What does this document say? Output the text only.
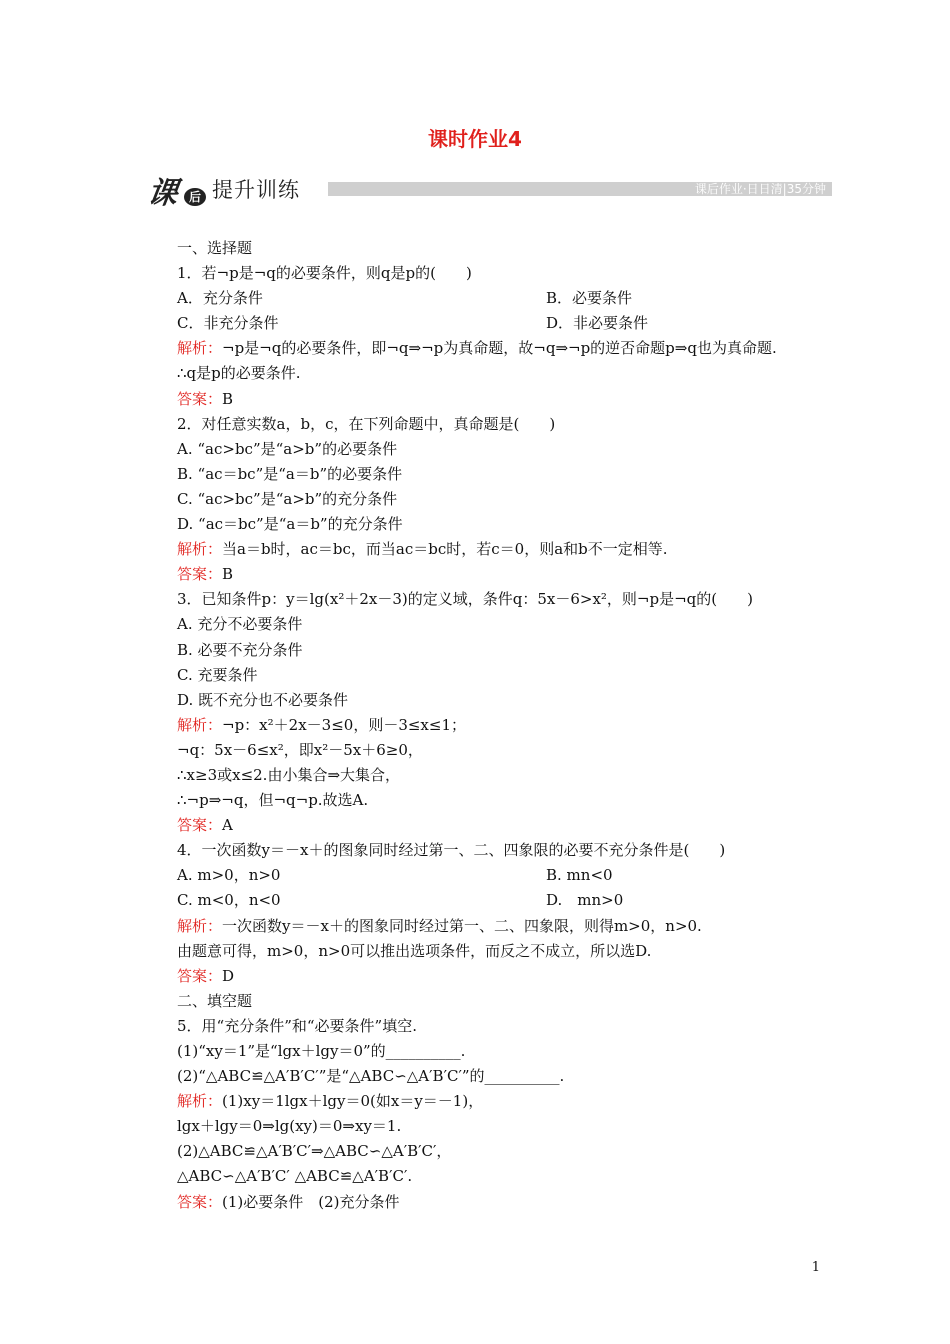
课时作业4
课 后 提升训练	课后作业·日日清|35分钟
一、选择题
1．若¬p是¬q的必要条件，则q是p的(　　)
A．充分条件	B．必要条件
C．非充分条件	D．非必要条件
解析：¬p是¬q的必要条件，即¬q⇒¬p为真命题，故¬q⇒¬p的逆否命题p⇒q也为真命题.
∴q是p的必要条件.
答案：B
2．对任意实数a，b，c，在下列命题中，真命题是(　　)
A. “ac>bc”是“a>b”的必要条件
B. “ac＝bc”是“a＝b”的必要条件
C. “ac>bc”是“a>b”的充分条件
D. “ac＝bc”是“a＝b”的充分条件
解析：当a＝b时，ac＝bc，而当ac＝bc时，若c＝0，则a和b不一定相等.
答案：B
3．已知条件p：y＝lg(x²＋2x－3)的定义域，条件q：5x－6>x²，则¬p是¬q的(　　)
A. 充分不必要条件
B. 必要不充分条件
C. 充要条件
D. 既不充分也不必要条件
解析：¬p：x²＋2x－3≤0，则－3≤x≤1；
¬q：5x－6≤x²，即x²－5x＋6≥0，
∴x≥3或x≤2.由小集合⇒大集合，
∴¬p⇒¬q，但¬q¬p.故选A.
答案：A
4．一次函数y＝－x＋的图象同时经过第一、二、四象限的必要不充分条件是(　　)
A. m>0，n>0	B. mn<0
C. m<0，n<0	D.　mn>0
解析：一次函数y＝－x＋的图象同时经过第一、二、四象限，则得m>0，n>0.
由题意可得，m>0，n>0可以推出选项条件，而反之不成立，所以选D.
答案：D
二、填空题
5．用“充分条件”和“必要条件”填空.
(1)“xy＝1”是“lgx＋lgy＝0”的__________.
(2)“△ABC≌△A′B′C′”是“△ABC∽△A′B′C′”的__________.
解析：(1)xy＝1lgx＋lgy＝0(如x＝y＝－1)，
lgx＋lgy＝0⇒lg(xy)＝0⇒xy＝1.
(2)△ABC≌△A′B′C′⇒△ABC∽△A′B′C′，
△ABC∽△A′B′C′ △ABC≌△A′B′C′.
答案：(1)必要条件　(2)充分条件
1
